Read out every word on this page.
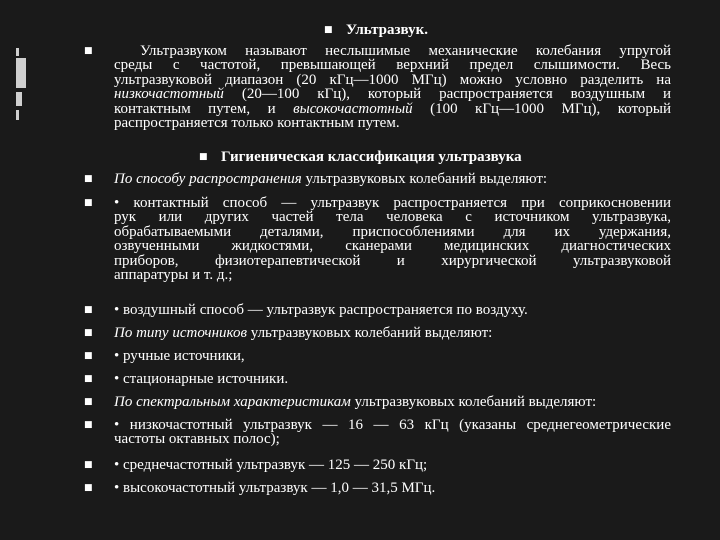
■ Ультразвук.
■	Ультразвуком называют неслышимые механические колебания упругой
среды с частотой, превышающей верхний предел слышимости. Весь
ультразвуковой диапазон (20 кГц—1000 МГц) можно условно разделить на
низкочастотный (20—100 кГц), который распространяется воздушным и
контактным путем, и высокочастотный (100 кГц—1000 МГц), который
распространяется только контактным путем.
■ Гигиеническая классификация ультразвука
■ По способу распространения ультразвуковых колебаний выделяют:
■ • контактный способ — ультразвук распространяется при соприкосновении
рук или других частей тела человека с источником ультразвука,
обрабатываемыми деталями, приспособлениями для их удержания,
озвученными жидкостями, сканерами медицинских диагностических
приборов, физиотерапевтической и хирургической ультразвуковой
аппаратуры и т. д.;
■ • воздушный способ — ультразвук распространяется по воздуху.
■ По типу источников ультразвуковых колебаний выделяют:
■ • ручные источники,
■ • стационарные источники.
■ По спектральным характеристикам ультразвуковых колебаний выделяют:
■ • низкочастотный ультразвук — 16 — 63 кГц (указаны среднегеометрические
частоты октавных полос);
■ • среднечастотный ультразвук — 125 — 250 кГц;
■ • высокочастотный ультразвук — 1,0 — 31,5 МГц.
